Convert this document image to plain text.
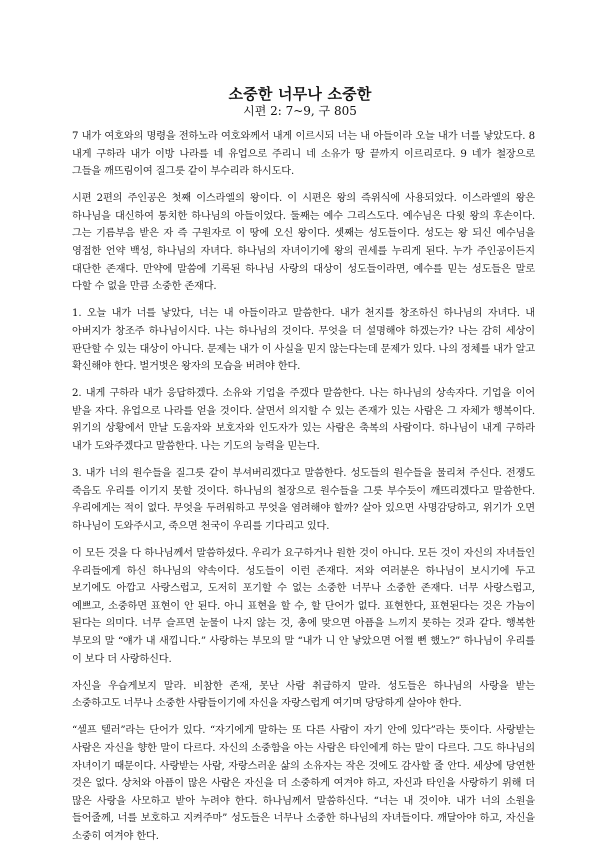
소중한 너무나 소중한
시편 2: 7~9, 구 805

7 내가 여호와의 명령을 전하노라 여호와께서 내게 이르시되 너는 내 아들이라 오늘 내가 너를 낳았도다. 8 내게 구하라 내가 이방 나라를 네 유업으로 주리니 네 소유가 땅 끝까지 이르리로다. 9 네가 철장으로 그들을 깨뜨림이여 질그릇 같이 부수리라 하시도다.

시편 2편의 주인공은 첫째 이스라엘의 왕이다. 이 시편은 왕의 즉위식에 사용되었다. 이스라엘의 왕은 하나님을 대신하여 통치한 하나님의 아들이었다. 둘째는 예수 그리스도다. 예수님은 다윗 왕의 후손이다. 그는 기름부음 받은 자 즉 구원자로 이 땅에 오신 왕이다. 셋째는 성도들이다. 성도는 왕 되신 예수님을 영접한 언약 백성, 하나님의 자녀다. 하나님의 자녀이기에 왕의 권세를 누리게 된다. 누가 주인공이든지 대단한 존재다. 만약에 말씀에 기록된 하나님 사랑의 대상이 성도들이라면, 예수를 믿는 성도들은 말로 다할 수 없을 만큼 소중한 존재다.

1. 오늘 내가 너를 낳았다, 너는 내 아들이라고 말씀한다. 내가 천지를 창조하신 하나님의 자녀다. 내 아버지가 창조주 하나님이시다. 나는 하나님의 것이다. 무엇을 더 설명해야 하겠는가? 나는 감히 세상이 판단할 수 있는 대상이 아니다. 문제는 내가 이 사실을 믿지 않는다는데 문제가 있다. 나의 정체를 내가 알고 확신해야 한다. 벌거벗은 왕자의 모습을 버려야 한다.

2. 내게 구하라 내가 응답하겠다. 소유와 기업을 주겠다 말씀한다. 나는 하나님의 상속자다. 기업을 이어 받을 자다. 유업으로 나라를 얻을 것이다. 살면서 의지할 수 있는 존재가 있는 사람은 그 자체가 행복이다. 위기의 상황에서 만날 도움자와 보호자와 인도자가 있는 사람은 축복의 사람이다. 하나님이 내게 구하라 내가 도와주겠다고 말씀한다. 나는 기도의 능력을 믿는다.

3. 내가 너의 원수들을 질그릇 같이 부셔버리겠다고 말씀한다. 성도들의 원수들을 물리쳐 주신다. 전쟁도 죽음도 우리를 이기지 못할 것이다. 하나님의 철장으로 원수들을 그릇 부수듯이 깨뜨리겠다고 말씀한다. 우리에게는 적이 없다. 무엇을 두려워하고 무엇을 염려해야 할까? 살아 있으면 사명감당하고, 위기가 오면 하나님이 도와주시고, 죽으면 천국이 우리를 기다리고 있다.

이 모든 것을 다 하나님께서 말씀하셨다. 우리가 요구하거나 원한 것이 아니다. 모든 것이 자신의 자녀들인 우리들에게 하신 하나님의 약속이다. 성도들이 이런 존재다. 저와 여러분은 하나님이 보시기에 두고 보기에도 아깝고 사랑스럽고, 도저히 포기할 수 없는 소중한 너무나 소중한 존재다. 너무 사랑스럽고, 예쁘고, 소중하면 표현이 안 된다. 아니 표현을 할 수, 할 단어가 없다. 표현한다, 표현된다는 것은 가늠이 된다는 의미다. 너무 슬프면 눈물이 나지 않는 것, 총에 맞으면 아픔을 느끼지 못하는 것과 같다. 행복한 부모의 말 “얘가 내 새낍니다.” 사랑하는 부모의 말 “내가 니 안 낳았으면 어쩔 뻔 했노?” 하나님이 우리를 이 보다 더 사랑하신다.

자신을 우습게보지 말라. 비참한 존재, 못난 사람 취급하지 말라. 성도들은 하나님의 사랑을 받는 소중하고도 너무나 소중한 사람들이기에 자신을 자랑스럽게 여기며 당당하게 살아야 한다.

“셀프 텔러”라는 단어가 있다. “자기에게 말하는 또 다른 사람이 자기 안에 있다”라는 뜻이다. 사랑받는 사람은 자신을 향한 말이 다르다. 자신의 소중함을 아는 사람은 타인에게 하는 말이 다르다. 그도 하나님의 자녀이기 때문이다. 사랑받는 사람, 자랑스러운 삶의 소유자는 작은 것에도 감사할 줄 안다. 세상에 당연한 것은 없다. 상처와 아픔이 많은 사람은 자신을 더 소중하게 여겨야 하고, 자신과 타인을 사랑하기 위해 더 많은 사랑을 사모하고 받아 누려야 한다. 하나님께서 말씀하신다. “너는 내 것이야. 내가 너의 소원을 들어줄께, 너를 보호하고 지켜주마” 성도들은 너무나 소중한 하나님의 자녀들이다. 깨달아야 하고, 자신을 소중히 여겨야 한다.
